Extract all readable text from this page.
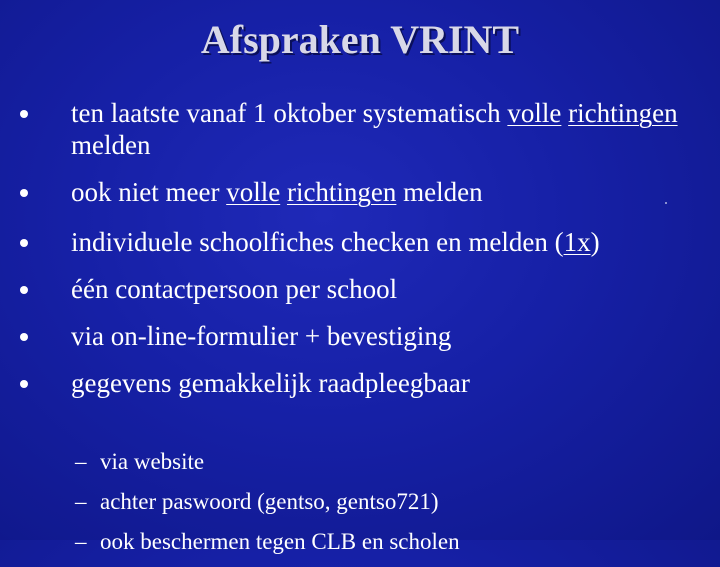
Afspraken VRINT
ten laatste vanaf 1 oktober systematisch volle richtingen melden
ook niet meer volle richtingen melden
individuele schoolfiches checken en melden (1x)
één contactpersoon per school
via on-line-formulier + bevestiging
gegevens gemakkelijk raadpleegbaar
– via website
– achter paswoord (gentso, gentso721)
– ook beschermen tegen CLB en scholen
